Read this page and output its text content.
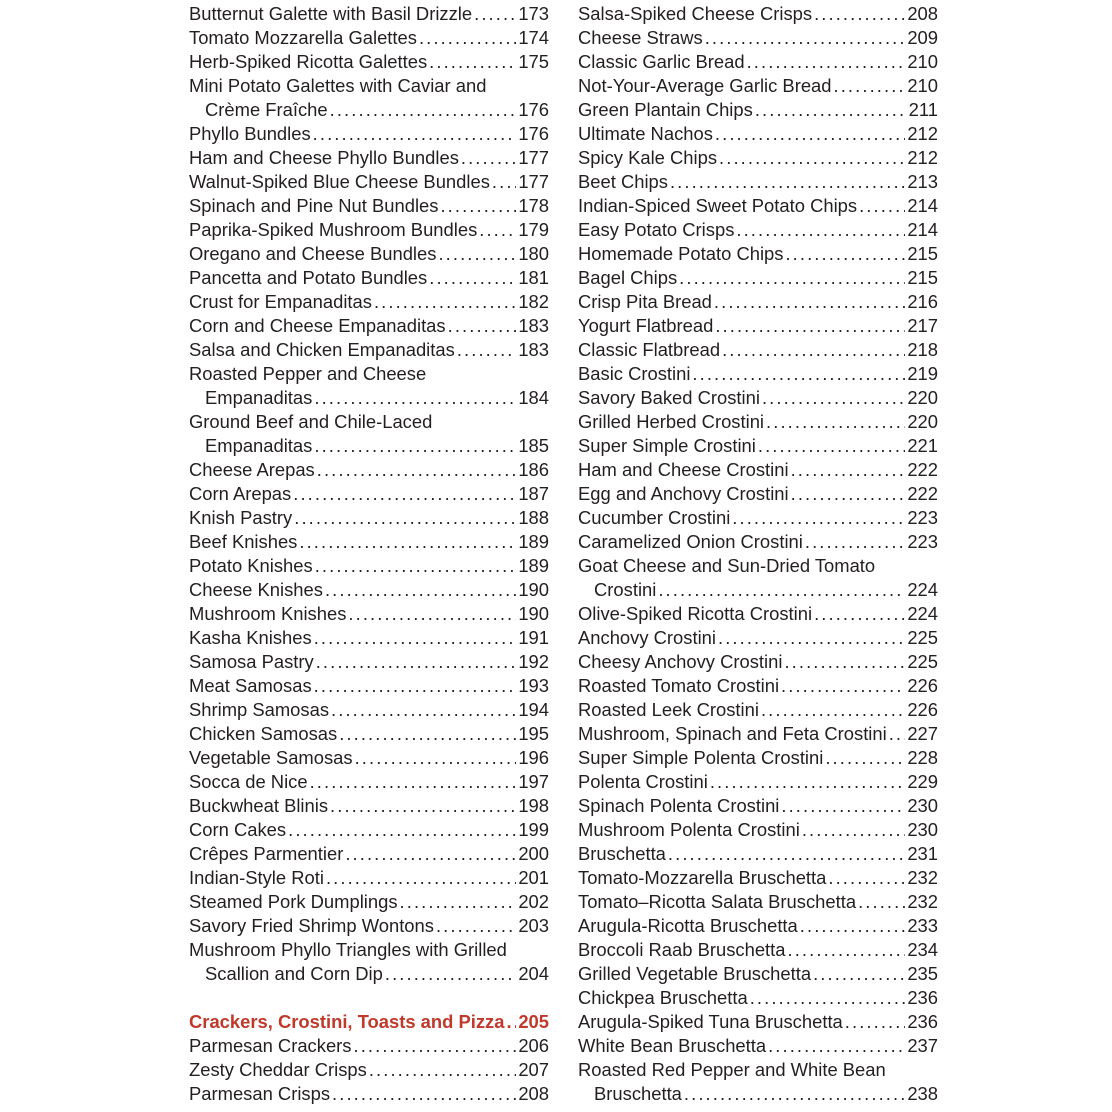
Butternut Galette with Basil Drizzle .....	173
Tomato Mozzarella Galettes .....	174
Herb-Spiked Ricotta Galettes .....	175
Mini Potato Galettes with Caviar and
Crème Fraîche .....	176
Phyllo Bundles .....	176
Ham and Cheese Phyllo Bundles .....	177
Walnut-Spiked Blue Cheese Bundles ..... 177
Spinach and Pine Nut Bundles .....	178
Paprika-Spiked Mushroom Bundles ..... 179
Oregano and Cheese Bundles .....	180
Pancetta and Potato Bundles .....	181
Crust for Empanaditas .....	182
Corn and Cheese Empanaditas .....	183
Salsa and Chicken Empanaditas .....	183
Roasted Pepper and Cheese
Empanaditas .....	184
Ground Beef and Chile-Laced
Empanaditas .....	185
Cheese Arepas .....	186
Corn Arepas .....	187
Knish Pastry .....	188
Beef Knishes .....	189
Potato Knishes .....	189
Cheese Knishes .....	190
Mushroom Knishes .....	190
Kasha Knishes .....	191
Samosa Pastry .....	192
Meat Samosas .....	193
Shrimp Samosas .....	194
Chicken Samosas .....	195
Vegetable Samosas .....	196
Socca de Nice .....	197
Buckwheat Blinis .....	198
Corn Cakes .....	199
Crêpes Parmentier .....	200
Indian-Style Roti .....	201
Steamed Pork Dumplings .....	202
Savory Fried Shrimp Wontons .....	203
Mushroom Phyllo Triangles with Grilled
Scallion and Corn Dip .....	204
Crackers, Crostini, Toasts and Pizza ..... 205
Parmesan Crackers .....	206
Zesty Cheddar Crisps .....	207
Parmesan Crisps .....	208
Salsa-Spiked Cheese Crisps .....	208
Cheese Straws .....	209
Classic Garlic Bread .....	210
Not-Your-Average Garlic Bread .....	210
Green Plantain Chips .....	211
Ultimate Nachos .....	212
Spicy Kale Chips .....	212
Beet Chips .....	213
Indian-Spiced Sweet Potato Chips .....	214
Easy Potato Crisps .....	214
Homemade Potato Chips .....	215
Bagel Chips .....	215
Crisp Pita Bread .....	216
Yogurt Flatbread .....	217
Classic Flatbread .....	218
Basic Crostini .....	219
Savory Baked Crostini .....	220
Grilled Herbed Crostini .....	220
Super Simple Crostini .....	221
Ham and Cheese Crostini .....	222
Egg and Anchovy Crostini .....	222
Cucumber Crostini .....	223
Caramelized Onion Crostini .....	223
Goat Cheese and Sun-Dried Tomato
Crostini .....	224
Olive-Spiked Ricotta Crostini .....	224
Anchovy Crostini .....	225
Cheesy Anchovy Crostini .....	225
Roasted Tomato Crostini .....	226
Roasted Leek Crostini .....	226
Mushroom, Spinach and Feta Crostini ..... 227
Super Simple Polenta Crostini .....	228
Polenta Crostini .....	229
Spinach Polenta Crostini .....	230
Mushroom Polenta Crostini .....	230
Bruschetta .....	231
Tomato-Mozzarella Bruschetta .....	232
Tomato–Ricotta Salata Bruschetta .....	232
Arugula-Ricotta Bruschetta .....	233
Broccoli Raab Bruschetta .....	234
Grilled Vegetable Bruschetta .....	235
Chickpea Bruschetta .....	236
Arugula-Spiked Tuna Bruschetta .....	236
White Bean Bruschetta .....	237
Roasted Red Pepper and White Bean
Bruschetta .....	238
